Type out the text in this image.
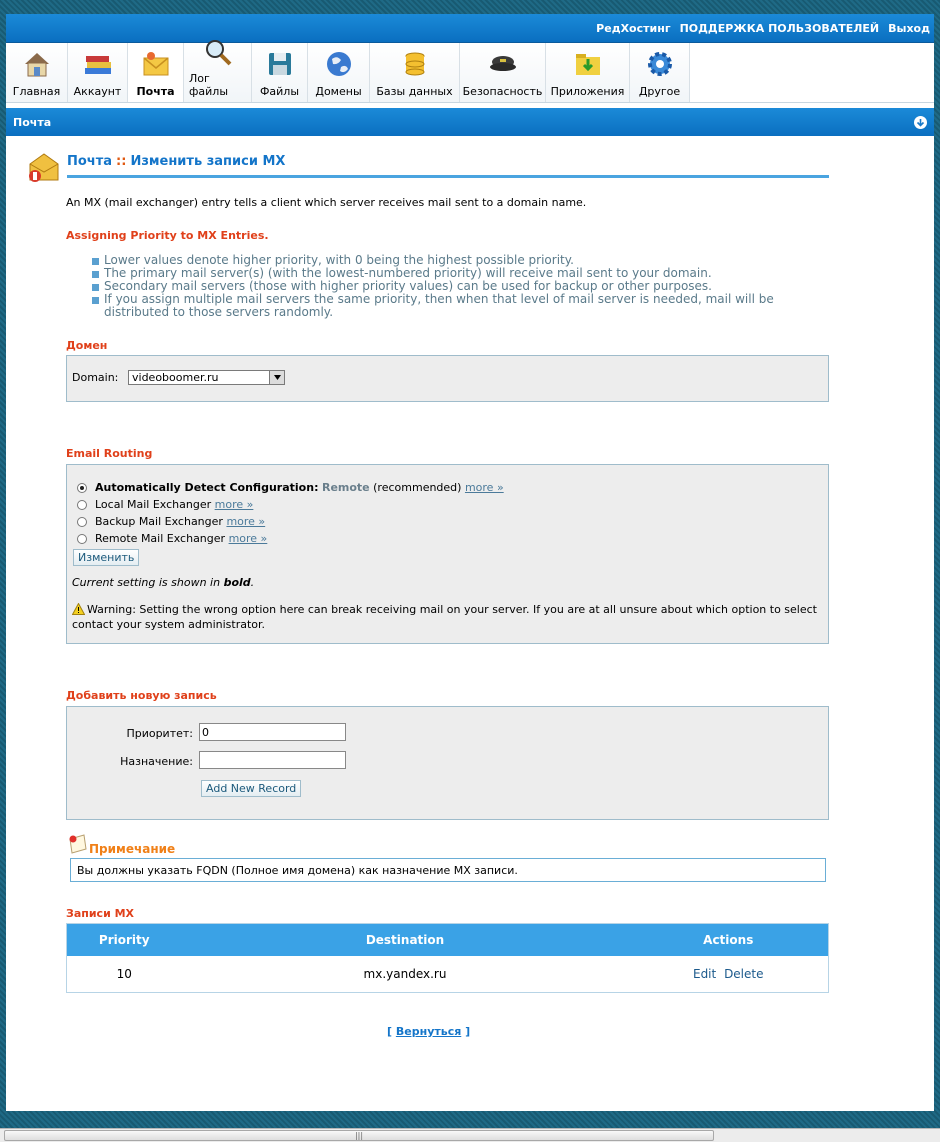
РедХостинг ПОДДЕРЖКА ПОЛЬЗОВАТЕЛЕЙ Выход
Главная Аккаунт Почта
Лог файлы	Файлы Домены Базы данных Безопасность Приложения Другое
Почта
Почта :: Изменить записи MX
An MX (mail exchanger) entry tells a client which server receives mail sent to a domain name.
Assigning Priority to MX Entries.
Lower values denote higher priority, with 0 being the highest possible priority.
The primary mail server(s) (with the lowest-numbered priority) will receive mail sent to your domain.
Secondary mail servers (those with higher priority values) can be used for backup or other purposes.
If you assign multiple mail servers the same priority, then when that level of mail server is needed, mail will be distributed to those servers randomly.
Домен
Domain: videoboomer.ru
Email Routing
Automatically Detect Configuration: Remote (recommended) more »
Local Mail Exchanger more »
Backup Mail Exchanger more »
Remote Mail Exchanger more »
Изменить
Current setting is shown in bold.
Warning: Setting the wrong option here can break receiving mail on your server. If you are at all unsure about which option to select contact your system administrator.
Добавить новую запись
Приоритет:
0
Назначение:
Add New Record
Примечание
Вы должны указать FQDN (Полное имя домена) как назначение MX записи.
Записи MX
Priority	Destination	Actions
10	mx.yandex.ru	Edit Delete
[ Вернуться ]
|||
